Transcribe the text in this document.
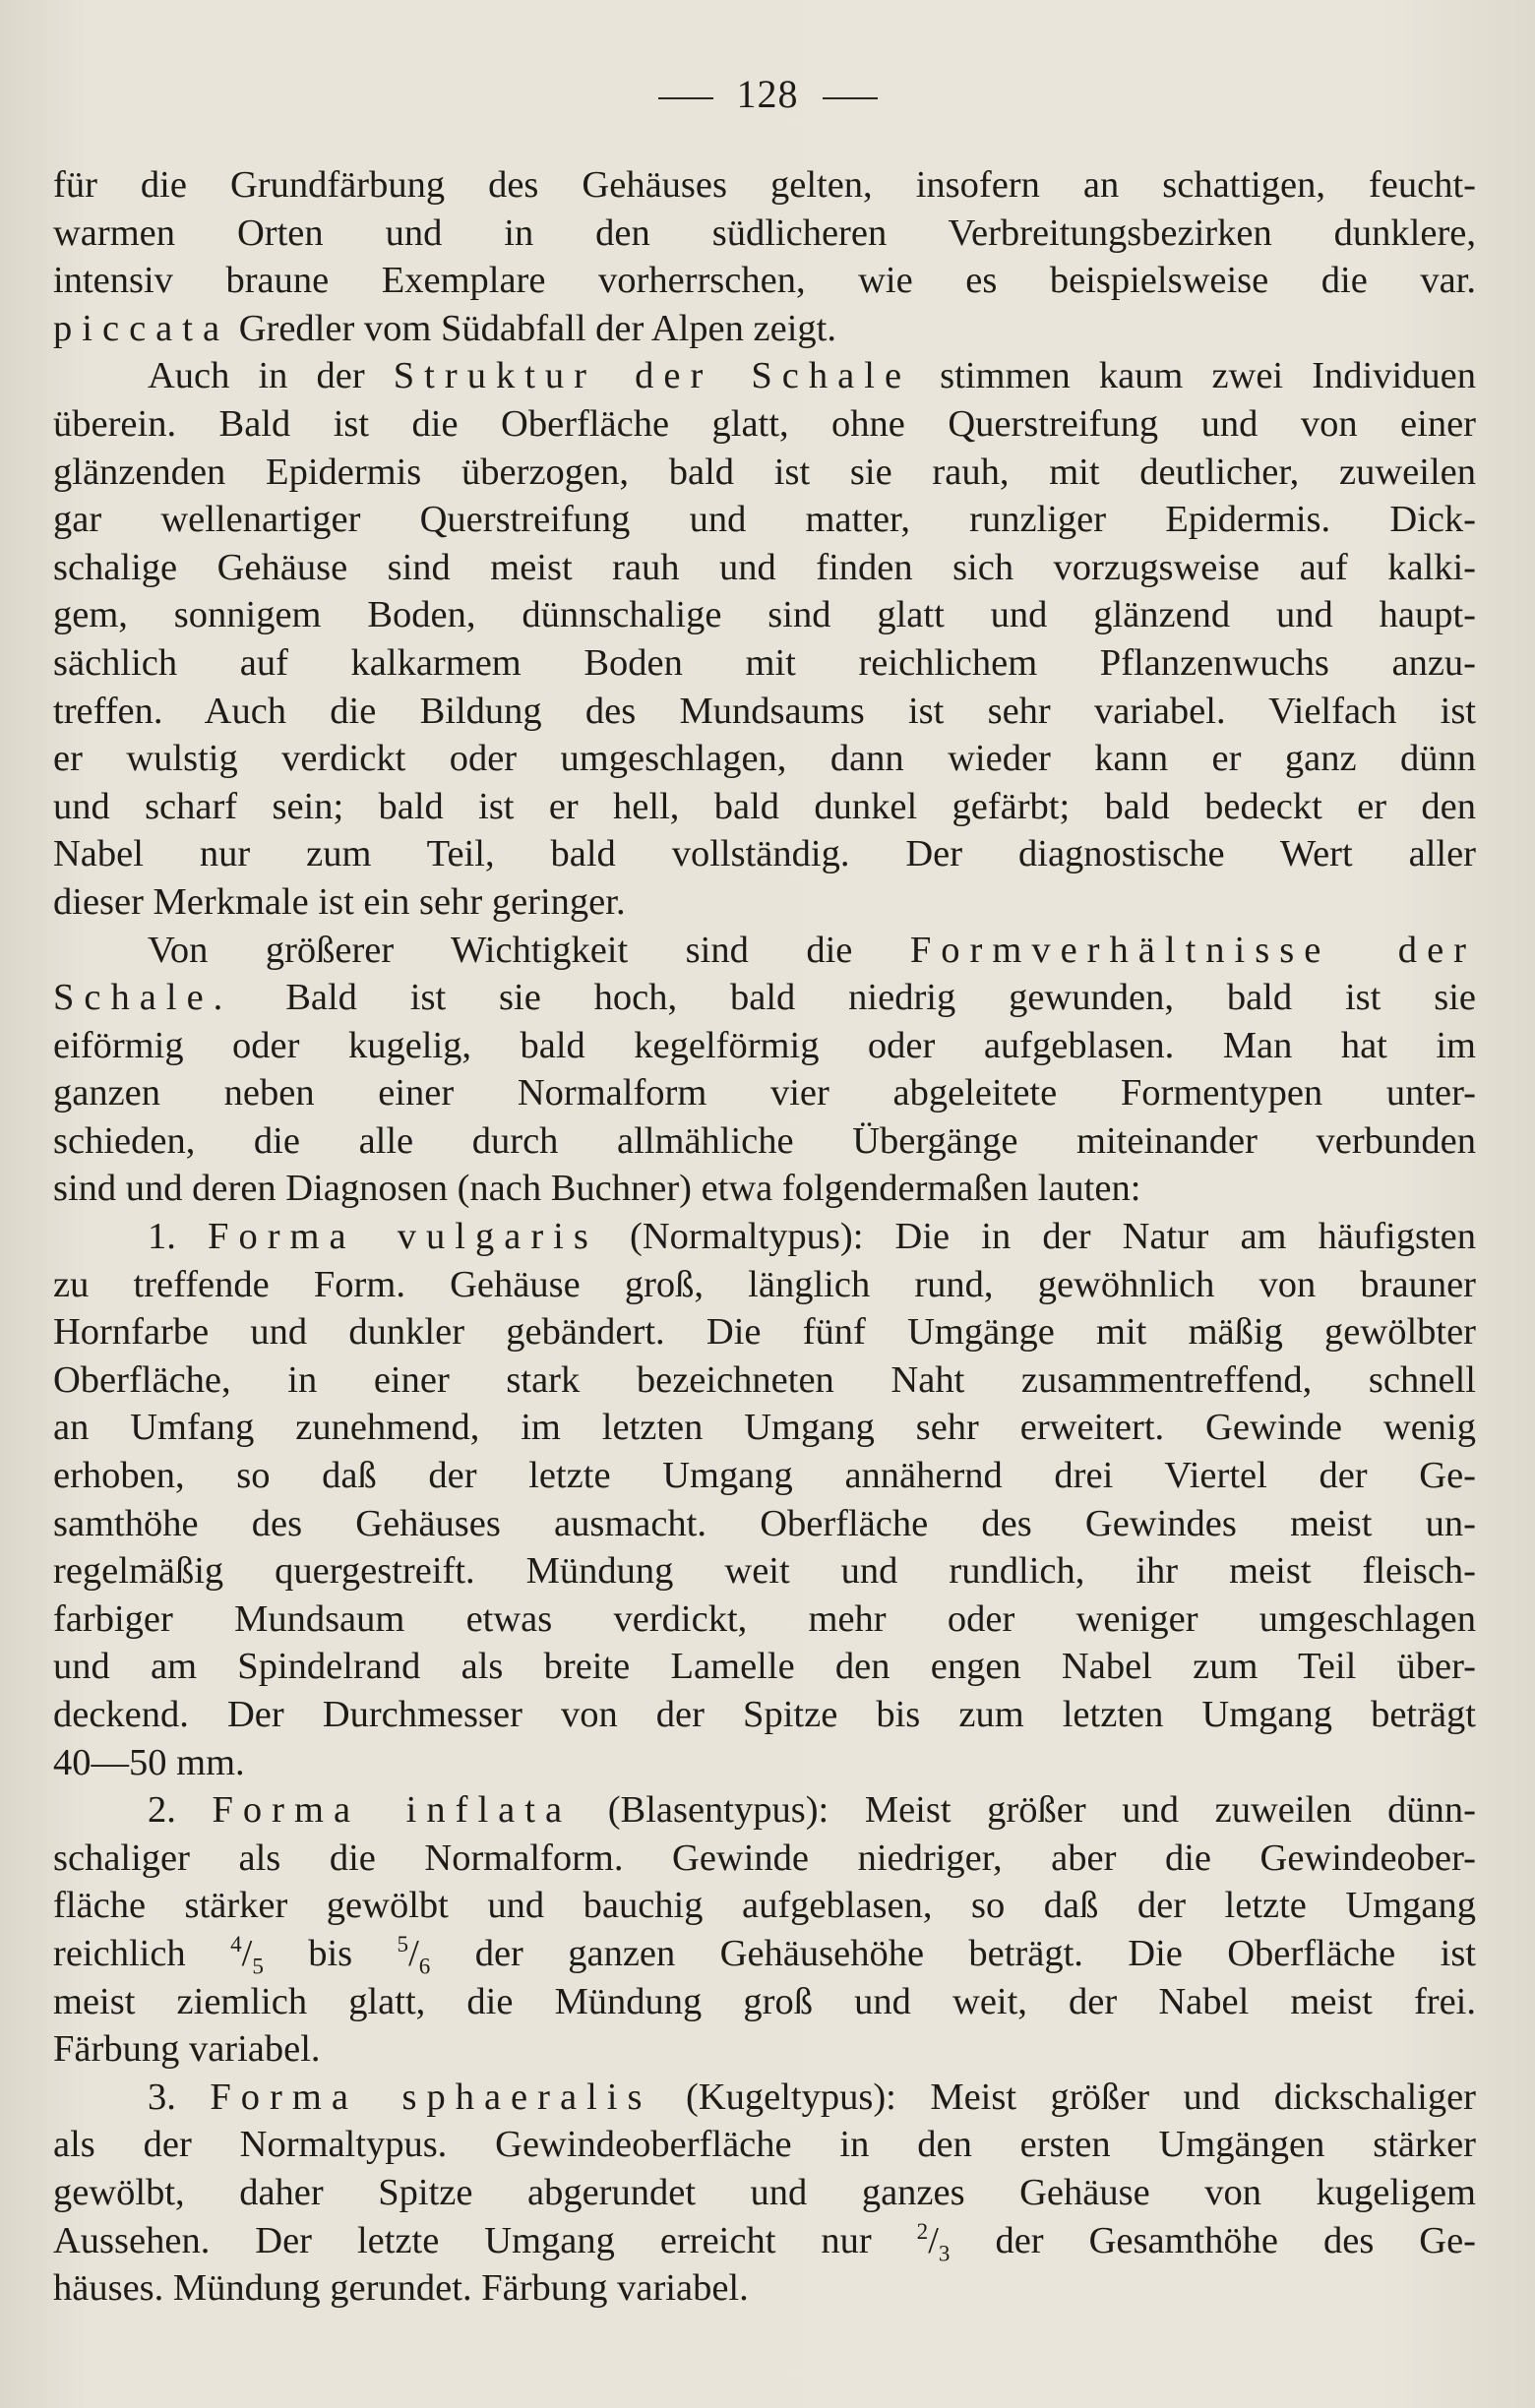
128

für die Grundfärbung des Gehäuses gelten, insofern an schattigen, feucht-

warmen Orten und in den südlicheren Verbreitungsbezirken dunklere,

intensiv braune Exemplare vorherrschen, wie es beispielsweise die var.

piccata Gredler vom Südabfall der Alpen zeigt.

Auch in der Struktur der Schale stimmen kaum zwei Individuen

überein. Bald ist die Oberfläche glatt, ohne Querstreifung und von einer

glänzenden Epidermis überzogen, bald ist sie rauh, mit deutlicher, zuweilen

gar wellenartiger Querstreifung und matter, runzliger Epidermis. Dick-

schalige Gehäuse sind meist rauh und finden sich vorzugsweise auf kalki-

gem, sonnigem Boden, dünnschalige sind glatt und glänzend und haupt-

sächlich auf kalkarmem Boden mit reichlichem Pflanzenwuchs anzu-

treffen. Auch die Bildung des Mundsaums ist sehr variabel. Vielfach ist

er wulstig verdickt oder umgeschlagen, dann wieder kann er ganz dünn

und scharf sein; bald ist er hell, bald dunkel gefärbt; bald bedeckt er den

Nabel nur zum Teil, bald vollständig. Der diagnostische Wert aller

dieser Merkmale ist ein sehr geringer.

Von größerer Wichtigkeit sind die Formverhältnisse der

Schale. Bald ist sie hoch, bald niedrig gewunden, bald ist sie

eiförmig oder kugelig, bald kegelförmig oder aufgeblasen. Man hat im

ganzen neben einer Normalform vier abgeleitete Formentypen unter-

schieden, die alle durch allmähliche Übergänge miteinander verbunden

sind und deren Diagnosen (nach Buchner) etwa folgendermaßen lauten:

1. Forma vulgaris (Normaltypus): Die in der Natur am häufigsten

zu treffende Form. Gehäuse groß, länglich rund, gewöhnlich von brauner

Hornfarbe und dunkler gebändert. Die fünf Umgänge mit mäßig gewölbter

Oberfläche, in einer stark bezeichneten Naht zusammentreffend, schnell

an Umfang zunehmend, im letzten Umgang sehr erweitert. Gewinde wenig

erhoben, so daß der letzte Umgang annähernd drei Viertel der Ge-

samthöhe des Gehäuses ausmacht. Oberfläche des Gewindes meist un-

regelmäßig quergestreift. Mündung weit und rundlich, ihr meist fleisch-

farbiger Mundsaum etwas verdickt, mehr oder weniger umgeschlagen

und am Spindelrand als breite Lamelle den engen Nabel zum Teil über-

deckend. Der Durchmesser von der Spitze bis zum letzten Umgang beträgt

40—50 mm.

2. Forma inflata (Blasentypus): Meist größer und zuweilen dünn-

schaliger als die Normalform. Gewinde niedriger, aber die Gewindeober-

fläche stärker gewölbt und bauchig aufgeblasen, so daß der letzte Umgang

reichlich $^4/_5$ bis $^5/_6$ der ganzen Gehäusehöhe beträgt. Die Oberfläche ist

meist ziemlich glatt, die Mündung groß und weit, der Nabel meist frei.

Färbung variabel.

3. Forma sphaeralis (Kugeltypus): Meist größer und dickschaliger

als der Normaltypus. Gewindeoberfläche in den ersten Umgängen stärker

gewölbt, daher Spitze abgerundet und ganzes Gehäuse von kugeligem

Aussehen. Der letzte Umgang erreicht nur $^2/_3$ der Gesamthöhe des Ge-

häuses. Mündung gerundet. Färbung variabel.
